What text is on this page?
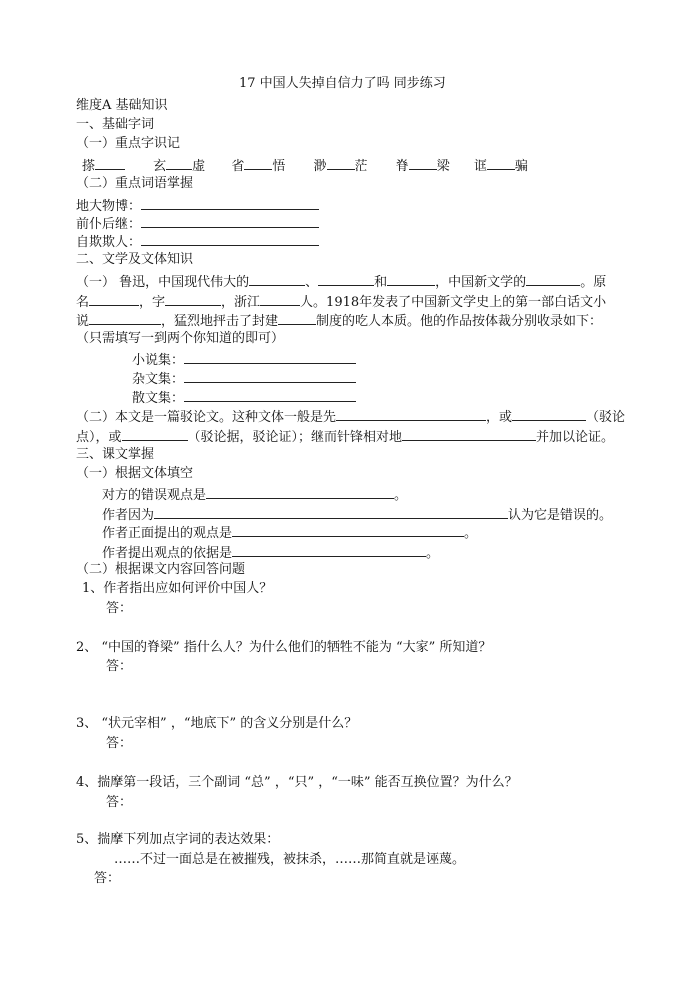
17 中国人失掉自信力了吗 同步练习
维度A 基础知识
一、基础字词
（一）重点字识记
搽	玄 虚 省 悟 渺 茫 脊 梁 诓 骗
（二）重点词语掌握
地大物博：
前仆后继：
自欺欺人：
二、文学及文体知识
（一） 鲁迅，中国现代伟大的	、	和	，中国新文学的	。原
名	，字	，浙江	人。1918年发表了中国新文学史上的第一部白话文小
说	，猛烈地抨击了封建	制度的吃人本质。他的作品按体裁分别收录如下：
（只需填写一到两个你知道的即可）
小说集：
杂文集：
散文集：
（二）本文是一篇驳论文。这种文体一般是先	，或	（驳论
点），或	（驳论据，驳论证）；继而针锋相对地	并加以论证。
三、课文掌握
（一）根据文体填空
对方的错误观点是	。
作者因为	认为它是错误的。
作者正面提出的观点是	。
作者提出观点的依据是	。
（二）根据课文内容回答问题
1、作者指出应如何评价中国人？
答：
2、 “中国的脊梁” 指什么人？为什么他们的牺牲不能为 “大家” 所知道？
答：
3、 “状元宰相” ，“地底下” 的含义分别是什么？
答：
4、揣摩第一段话，三个副词 “总” ，“只” ，“一味” 能否互换位置？为什么？
答：
5、揣摩下列加点字词的表达效果：
……不过一面总是在被摧残，被抹杀，……那简直就是诬蔑。
答：
